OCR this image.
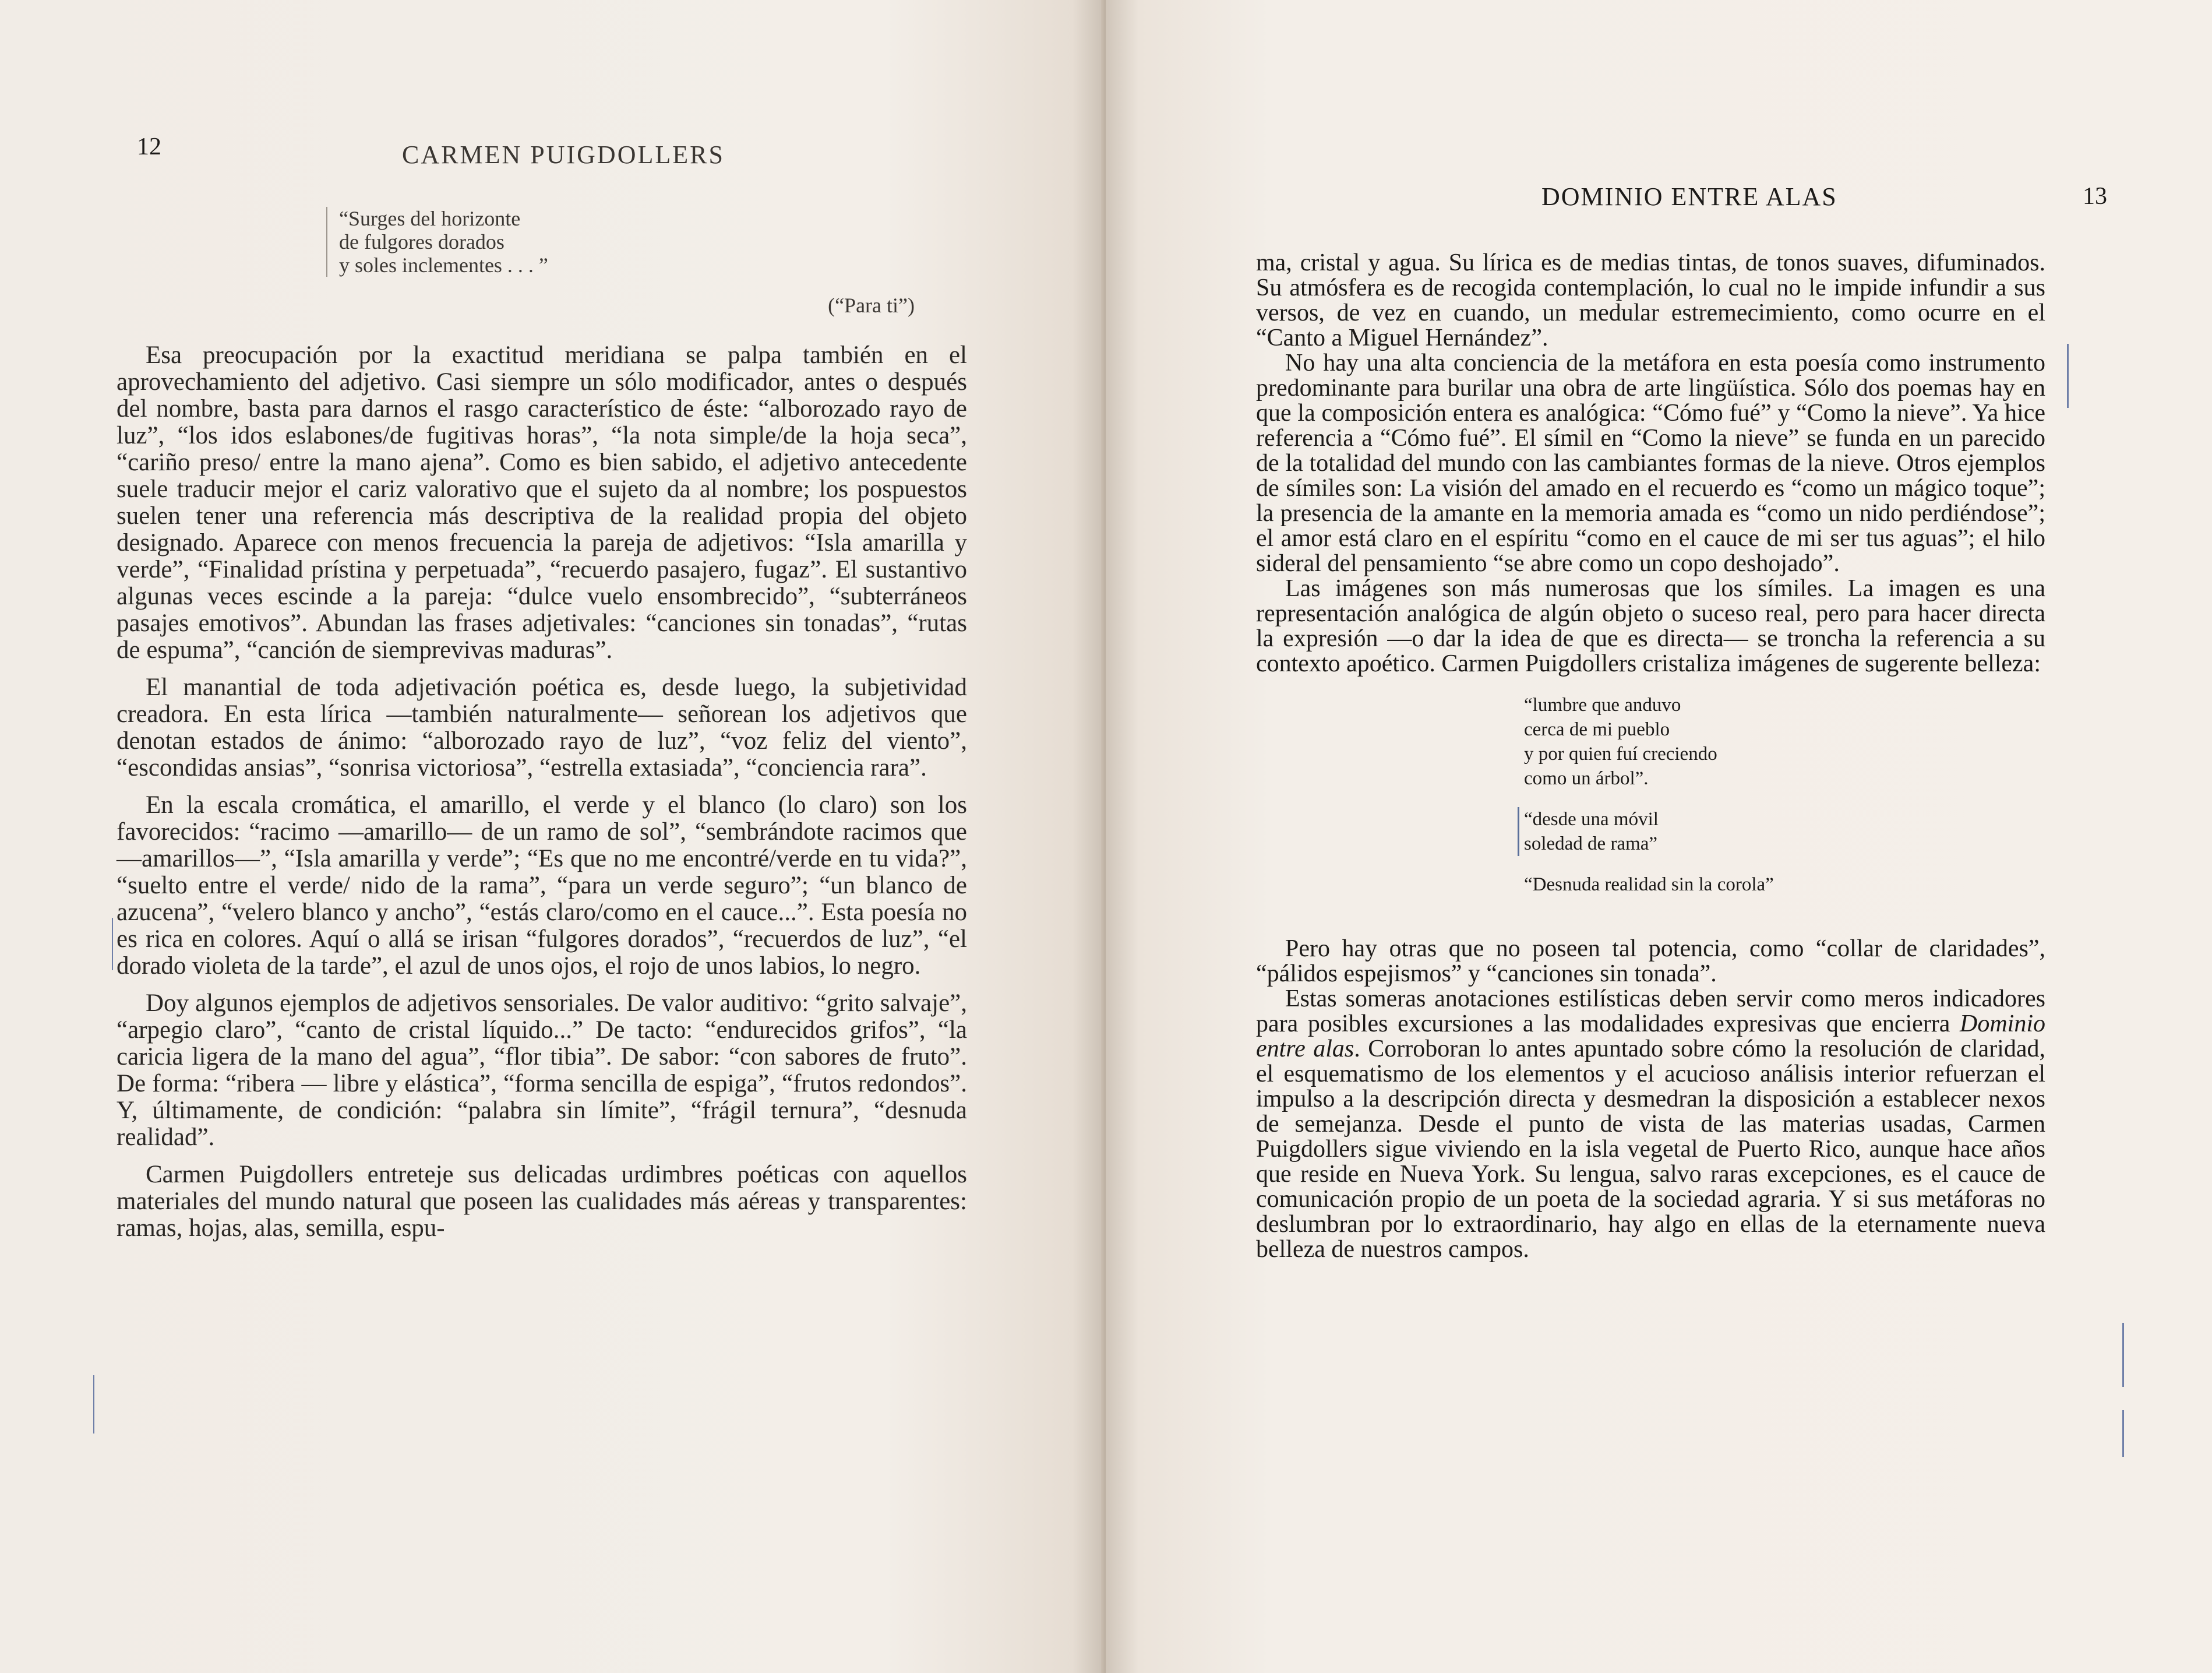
12	CARMEN PUIGDOLLERS
“Surges del horizonte
de fulgores dorados
y soles inclementes . . . ”
(“Para ti”)

Esa preocupación por la exactitud meridiana se palpa también en el aprovechamiento del adjetivo. Casi siempre un sólo modificador, antes o después del nombre, basta para darnos el rasgo característico de éste: “alborozado rayo de luz”, “los idos eslabones/de fugitivas horas”, “la nota simple/de la hoja seca”, “cariño preso/ entre la mano ajena”. Como es bien sabido, el adjetivo antecedente suele traducir mejor el cariz valorativo que el sujeto da al nombre; los pospuestos suelen tener una referencia más descriptiva de la realidad propia del objeto designado. Aparece con menos frecuencia la pareja de adjetivos: “Isla amarilla y verde”, “Finalidad prístina y perpetuada”, “recuerdo pasajero, fugaz”. El sustantivo algunas veces escinde a la pareja: “dulce vuelo ensombrecido”, “subterráneos pasajes emotivos”. Abundan las frases adjetivales: “canciones sin tonadas”, “rutas de espuma”, “canción de siemprevivas maduras”.

El manantial de toda adjetivación poética es, desde luego, la subjetividad creadora. En esta lírica —también naturalmente— señorean los adjetivos que denotan estados de ánimo: “alborozado rayo de luz”, “voz feliz del viento”, “escondidas ansias”, “sonrisa victoriosa”, “estrella extasiada”, “conciencia rara”.

En la escala cromática, el amarillo, el verde y el blanco (lo claro) son los favorecidos: “racimo —amarillo— de un ramo de sol”, “sembrándote racimos que —amarillos—”, “Isla amarilla y verde”; “Es que no me encontré/verde en tu vida?”, “suelto entre el verde/ nido de la rama”, “para un verde seguro”; “un blanco de azucena”, “velero blanco y ancho”, “estás claro/como en el cauce...”. Esta poesía no es rica en colores. Aquí o allá se irisan “fulgores dorados”, “recuerdos de luz”, “el dorado violeta de la tarde”, el azul de unos ojos, el rojo de unos labios, lo negro.

Doy algunos ejemplos de adjetivos sensoriales. De valor auditivo: “grito salvaje”, “arpegio claro”, “canto de cristal líquido...” De tacto: “endurecidos grifos”, “la caricia ligera de la mano del agua”, “flor tibia”. De sabor: “con sabores de fruto”. De forma: “ribera — libre y elástica”, “forma sencilla de espiga”, “frutos redondos”. Y, últimamente, de condición: “palabra sin límite”, “frágil ternura”, “desnuda realidad”.

Carmen Puigdollers entreteje sus delicadas urdimbres poéticas con aquellos materiales del mundo natural que poseen las cualidades más aéreas y transparentes: ramas, hojas, alas, semilla, espu-

DOMINIO ENTRE ALAS	13

ma, cristal y agua. Su lírica es de medias tintas, de tonos suaves, difuminados. Su atmósfera es de recogida contemplación, lo cual no le impide infundir a sus versos, de vez en cuando, un medular estremecimiento, como ocurre en el “Canto a Miguel Hernández”.

No hay una alta conciencia de la metáfora en esta poesía como instrumento predominante para burilar una obra de arte lingüística. Sólo dos poemas hay en que la composición entera es analógica: “Cómo fué” y “Como la nieve”. Ya hice referencia a “Cómo fué”. El símil en “Como la nieve” se funda en un parecido de la totalidad del mundo con las cambiantes formas de la nieve. Otros ejemplos de símiles son: La visión del amado en el recuerdo es “como un mágico toque”; la presencia de la amante en la memoria amada es “como un nido perdiéndose”; el amor está claro en el espíritu “como en el cauce de mi ser tus aguas”; el hilo sideral del pensamiento “se abre como un copo deshojado”.

Las imágenes son más numerosas que los símiles. La imagen es una representación analógica de algún objeto o suceso real, pero para hacer directa la expresión —o dar la idea de que es directa— se troncha la referencia a su contexto apoético. Carmen Puigdollers cristaliza imágenes de sugerente belleza:

“lumbre que anduvo
cerca de mi pueblo
y por quien fuí creciendo
como un árbol”.
“desde una móvil
soledad de rama”
“Desnuda realidad sin la corola”

Pero hay otras que no poseen tal potencia, como “collar de claridades”, “pálidos espejismos” y “canciones sin tonada”.

Estas someras anotaciones estilísticas deben servir como meros indicadores para posibles excursiones a las modalidades expresivas que encierra Dominio entre alas. Corroboran lo antes apuntado sobre cómo la resolución de claridad, el esquematismo de los elementos y el acucioso análisis interior refuerzan el impulso a la descripción directa y desmedran la disposición a establecer nexos de semejanza. Desde el punto de vista de las materias usadas, Carmen Puigdollers sigue viviendo en la isla vegetal de Puerto Rico, aunque hace años que reside en Nueva York. Su lengua, salvo raras excepciones, es el cauce de comunicación propio de un poeta de la sociedad agraria. Y si sus metáforas no deslumbran por lo extraordinario, hay algo en ellas de la eternamente nueva belleza de nuestros campos.
